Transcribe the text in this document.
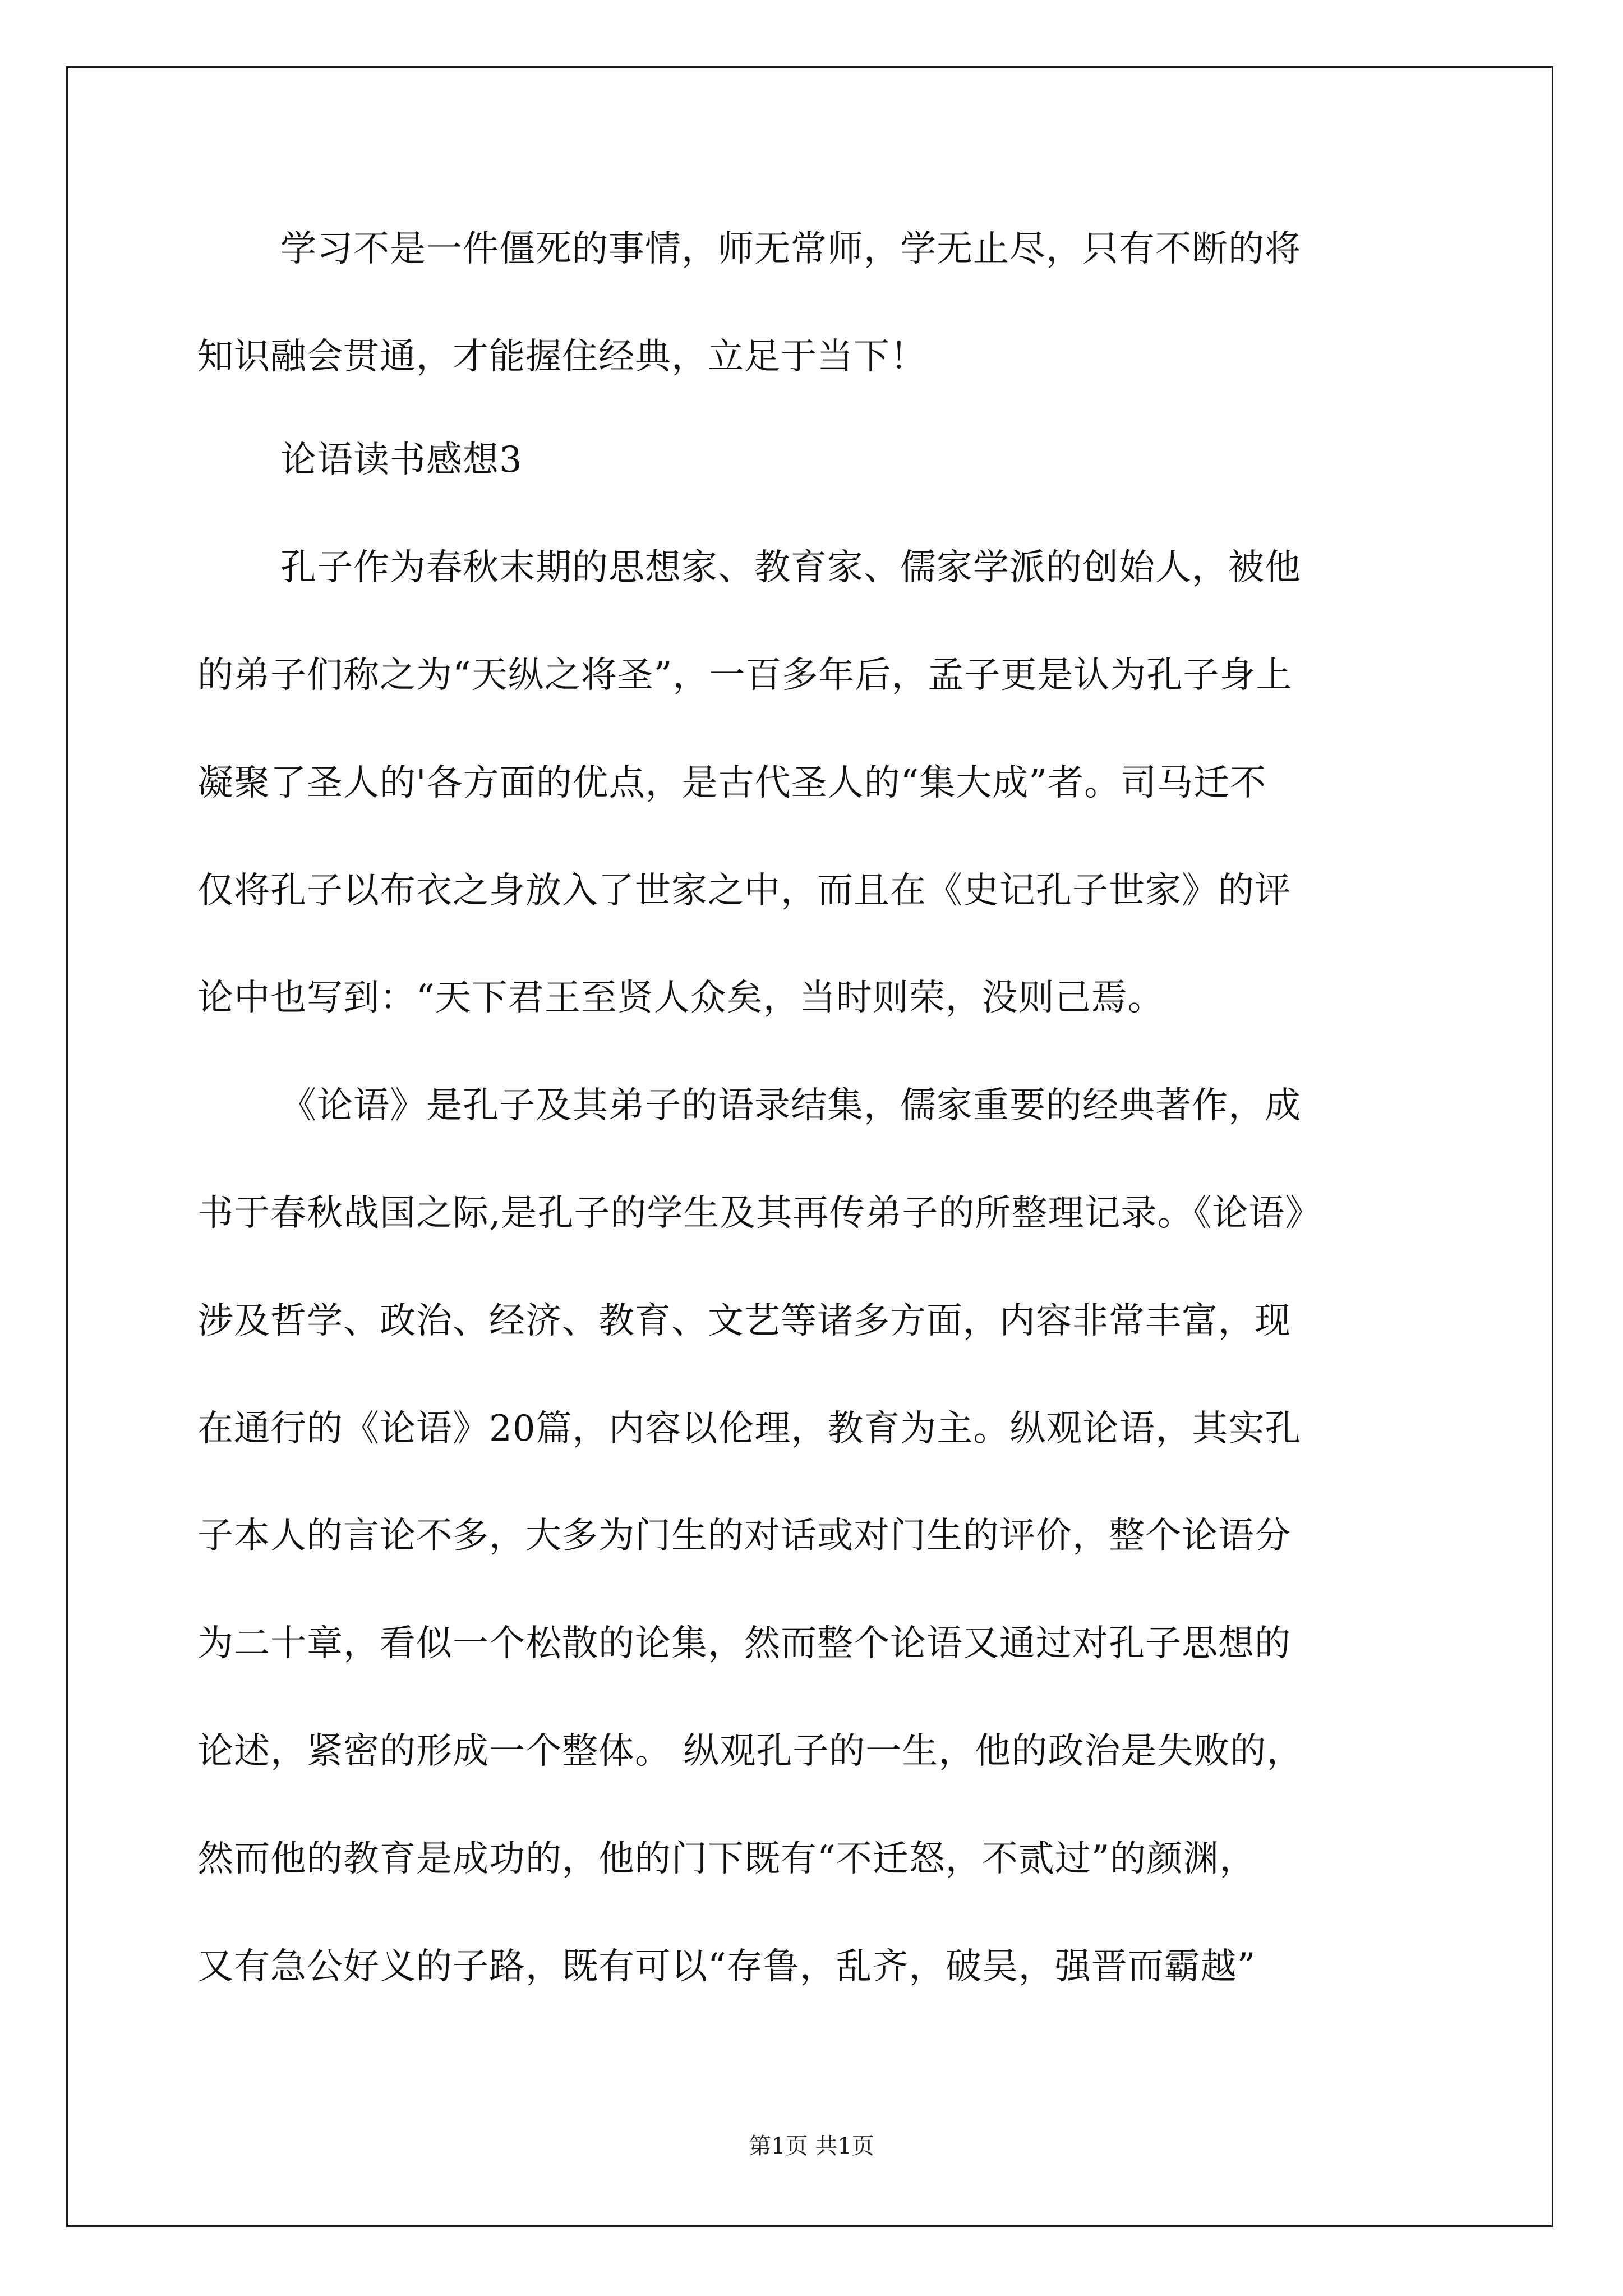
学习不是一件僵死的事情，师无常师，学无止尽，只有不断的将
知识融会贯通，才能握住经典，立足于当下！
论语读书感想3
孔子作为春秋末期的思想家、教育家、儒家学派的创始人，被他
的弟子们称之为“天纵之将圣”，一百多年后，孟子更是认为孔子身上
凝聚了圣人的'各方面的优点，是古代圣人的“集大成”者。司马迁不
仅将孔子以布衣之身放入了世家之中，而且在《史记孔子世家》的评
论中也写到：“天下君王至贤人众矣，当时则荣，没则己焉。
《论语》是孔子及其弟子的语录结集，儒家重要的经典著作，成
书于春秋战国之际,是孔子的学生及其再传弟子的所整理记录。《论语》
涉及哲学、政治、经济、教育、文艺等诸多方面，内容非常丰富，现
在通行的《论语》20篇，内容以伦理，教育为主。纵观论语，其实孔
子本人的言论不多，大多为门生的对话或对门生的评价，整个论语分
为二十章，看似一个松散的论集，然而整个论语又通过对孔子思想的
论述，紧密的形成一个整体。 纵观孔子的一生，他的政治是失败的，
然而他的教育是成功的，他的门下既有“不迁怒，不贰过”的颜渊，
又有急公好义的子路，既有可以“存鲁，乱齐，破吴，强晋而霸越”
第1页 共1页
